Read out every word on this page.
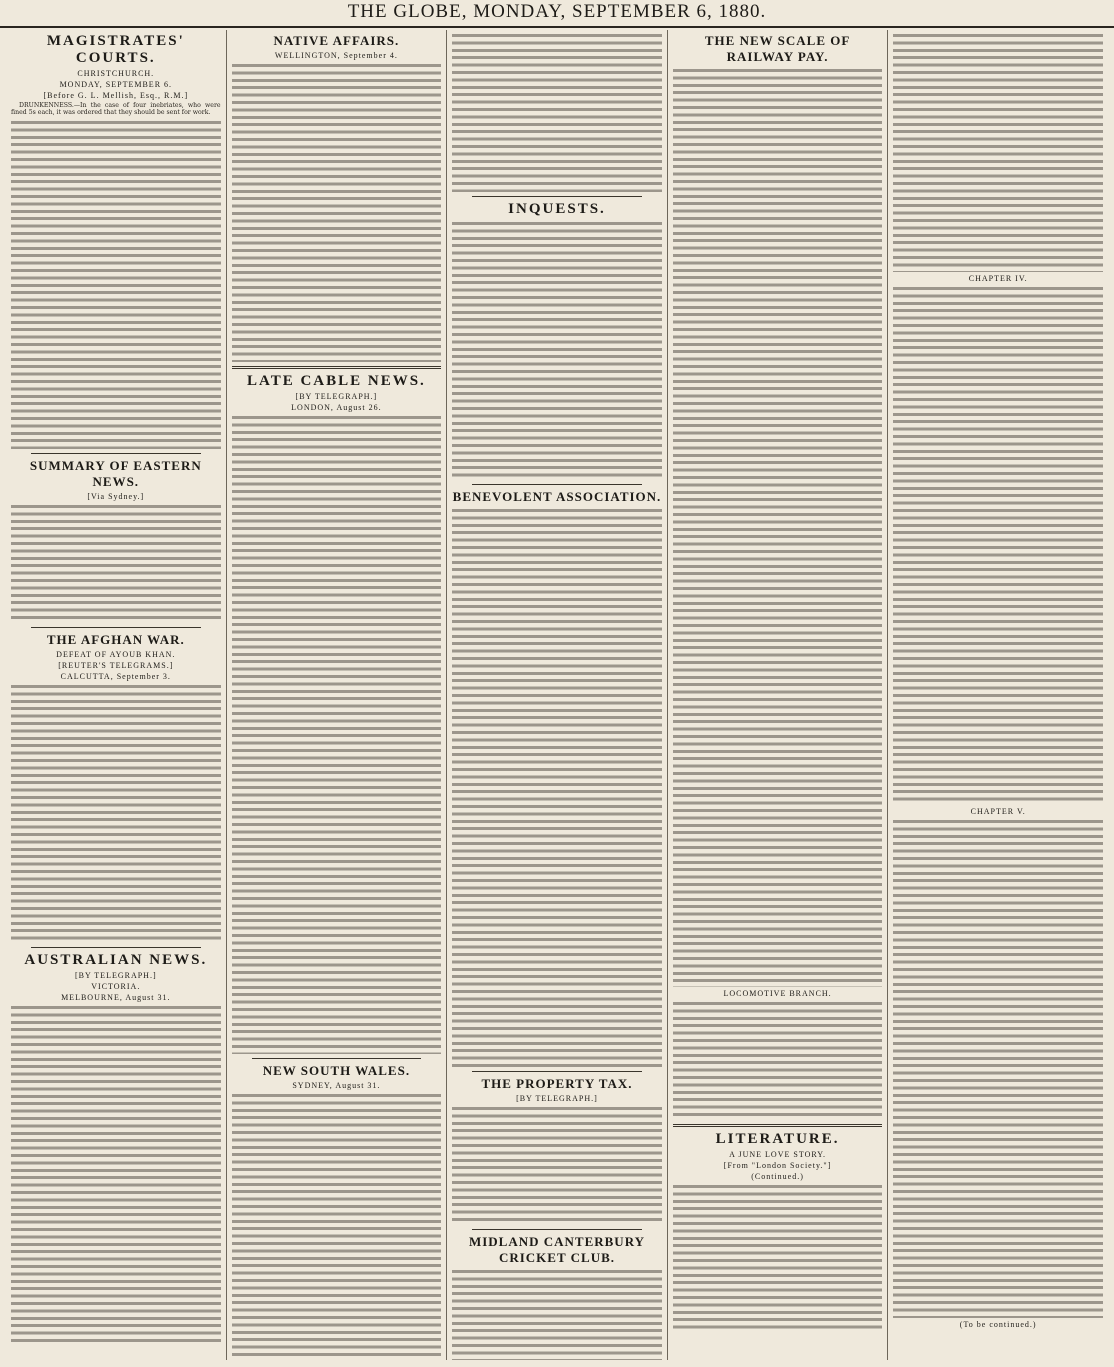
THE GLOBE, MONDAY, SEPTEMBER 6, 1880.
MAGISTRATES' COURTS.
CHRISTCHURCH.
MONDAY, SEPTEMBER 6.
[Before G. L. Mellish, Esq., R.M.]
DRUNKENNESS.—In the case of four inebriates, who were fined 5s each, it was ordered that they should be sent for work.
SUMMARY OF EASTERN NEWS.
[Via Sydney.]
THE AFGHAN WAR.
DEFEAT OF AYOUB KHAN.
[REUTER'S TELEGRAMS.]
CALCUTTA, September 3.
AUSTRALIAN NEWS.
[BY TELEGRAPH.]
VICTORIA.
MELBOURNE, August 31.
NATIVE AFFAIRS.
WELLINGTON, September 4.
LATE CABLE NEWS.
[BY TELEGRAPH.]
LONDON, August 26.
NEW SOUTH WALES.
SYDNEY, August 31.
INQUESTS.
BENEVOLENT ASSOCIATION.
THE PROPERTY TAX.
[BY TELEGRAPH.]
MIDLAND CANTERBURY CRICKET CLUB.
THE NEW SCALE OF RAILWAY PAY.
LOCOMOTIVE BRANCH.
LITERATURE.
A JUNE LOVE STORY.
[From "London Society."]
(Continued.)
CHAPTER IV.
CHAPTER V.
(To be continued.)
